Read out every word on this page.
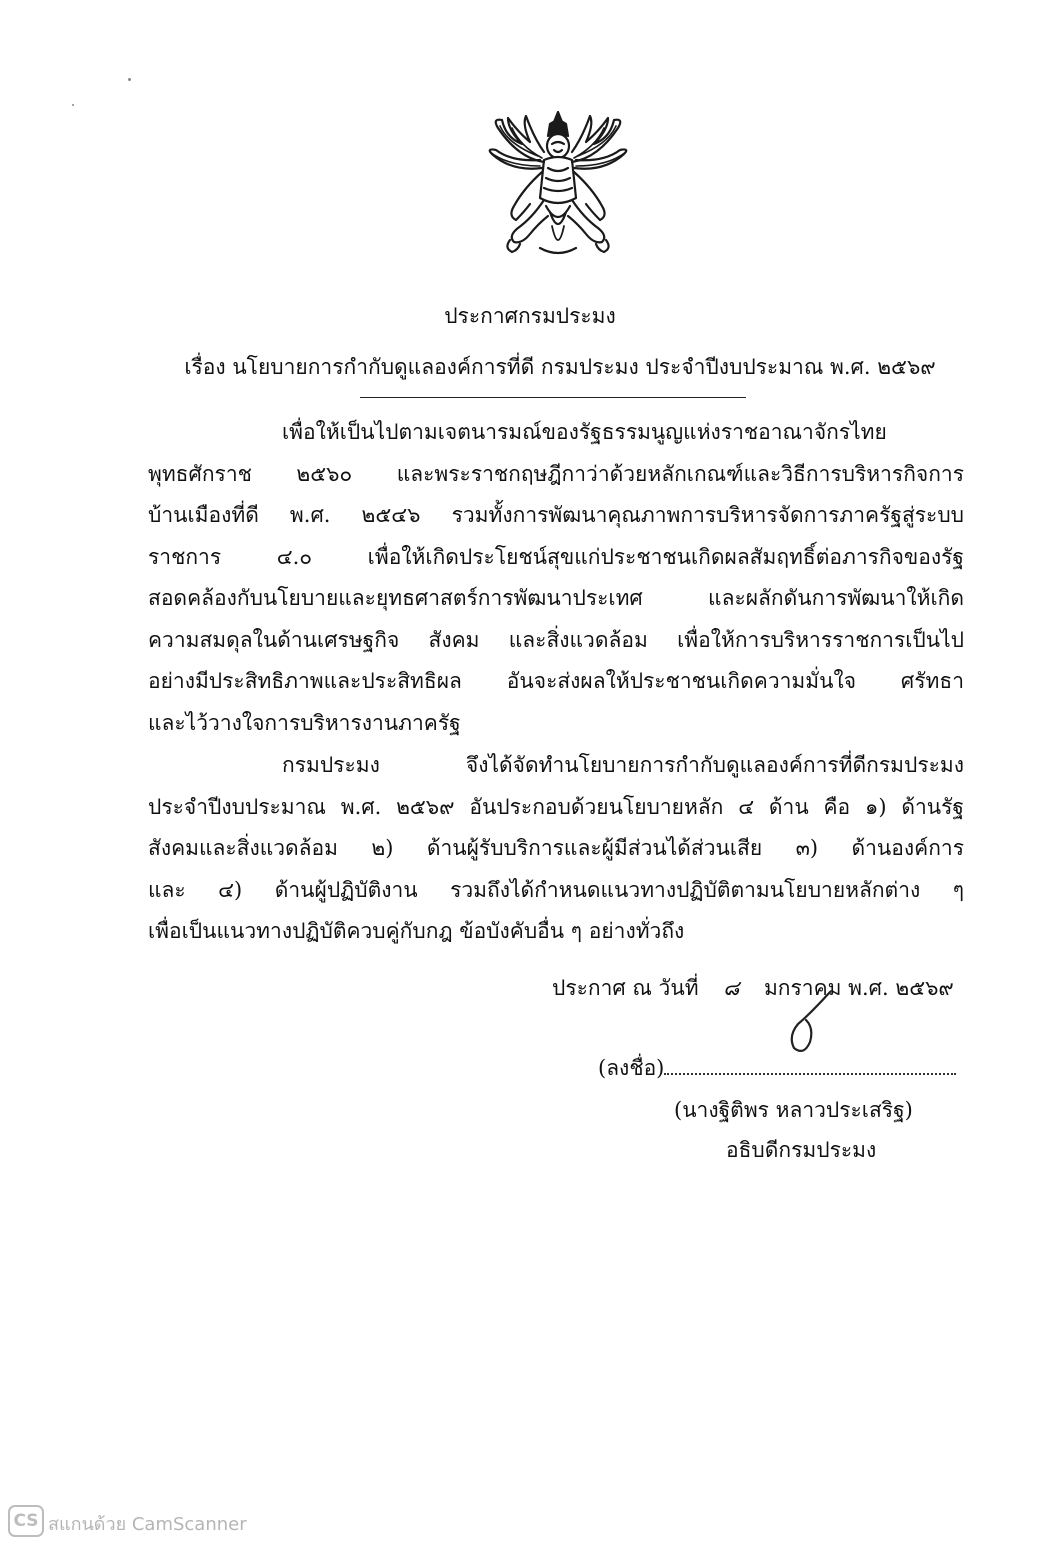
ประกาศกรมประมง
เรื่อง นโยบายการกำกับดูแลองค์การที่ดี กรมประมง ประจำปีงบประมาณ พ.ศ. ๒๕๖๙
เพื่อให้เป็นไปตามเจตนารมณ์ของรัฐธรรมนูญแห่งราชอาณาจักรไทย
พุทธศักราช ๒๕๖๐ และพระราชกฤษฎีกาว่าด้วยหลักเกณฑ์และวิธีการบริหารกิจการ
บ้านเมืองที่ดี พ.ศ. ๒๕๔๖ รวมทั้งการพัฒนาคุณภาพการบริหารจัดการภาครัฐสู่ระบบ
ราชการ ๔.๐ เพื่อให้เกิดประโยชน์สุขแก่ประชาชนเกิดผลสัมฤทธิ์ต่อภารกิจของรัฐ
สอดคล้องกับนโยบายและยุทธศาสตร์การพัฒนาประเทศ และผลักดันการพัฒนาให้เกิด
ความสมดุลในด้านเศรษฐกิจ สังคม และสิ่งแวดล้อม เพื่อให้การบริหารราชการเป็นไป
อย่างมีประสิทธิภาพและประสิทธิผล อันจะส่งผลให้ประชาชนเกิดความมั่นใจ ศรัทธา
และไว้วางใจการบริหารงานภาครัฐ
กรมประมง จึงได้จัดทำนโยบายการกำกับดูแลองค์การที่ดีกรมประมง
ประจำปีงบประมาณ พ.ศ. ๒๕๖๙ อันประกอบด้วยนโยบายหลัก ๔ ด้าน คือ ๑) ด้านรัฐ
สังคมและสิ่งแวดล้อม ๒) ด้านผู้รับบริการและผู้มีส่วนได้ส่วนเสีย ๓) ด้านองค์การ
และ ๔) ด้านผู้ปฏิบัติงาน รวมถึงได้กำหนดแนวทางปฏิบัติตามนโยบายหลักต่าง ๆ
เพื่อเป็นแนวทางปฏิบัติควบคู่กับกฎ ข้อบังคับอื่น ๆ อย่างทั่วถึง
ประกาศ ณ วันที่ ๘ มกราคม พ.ศ. ๒๕๖๙
(ลงชื่อ)
(นางฐิติพร หลาวประเสริฐ)
อธิบดีกรมประมง
CS สแกนด้วย CamScanner
